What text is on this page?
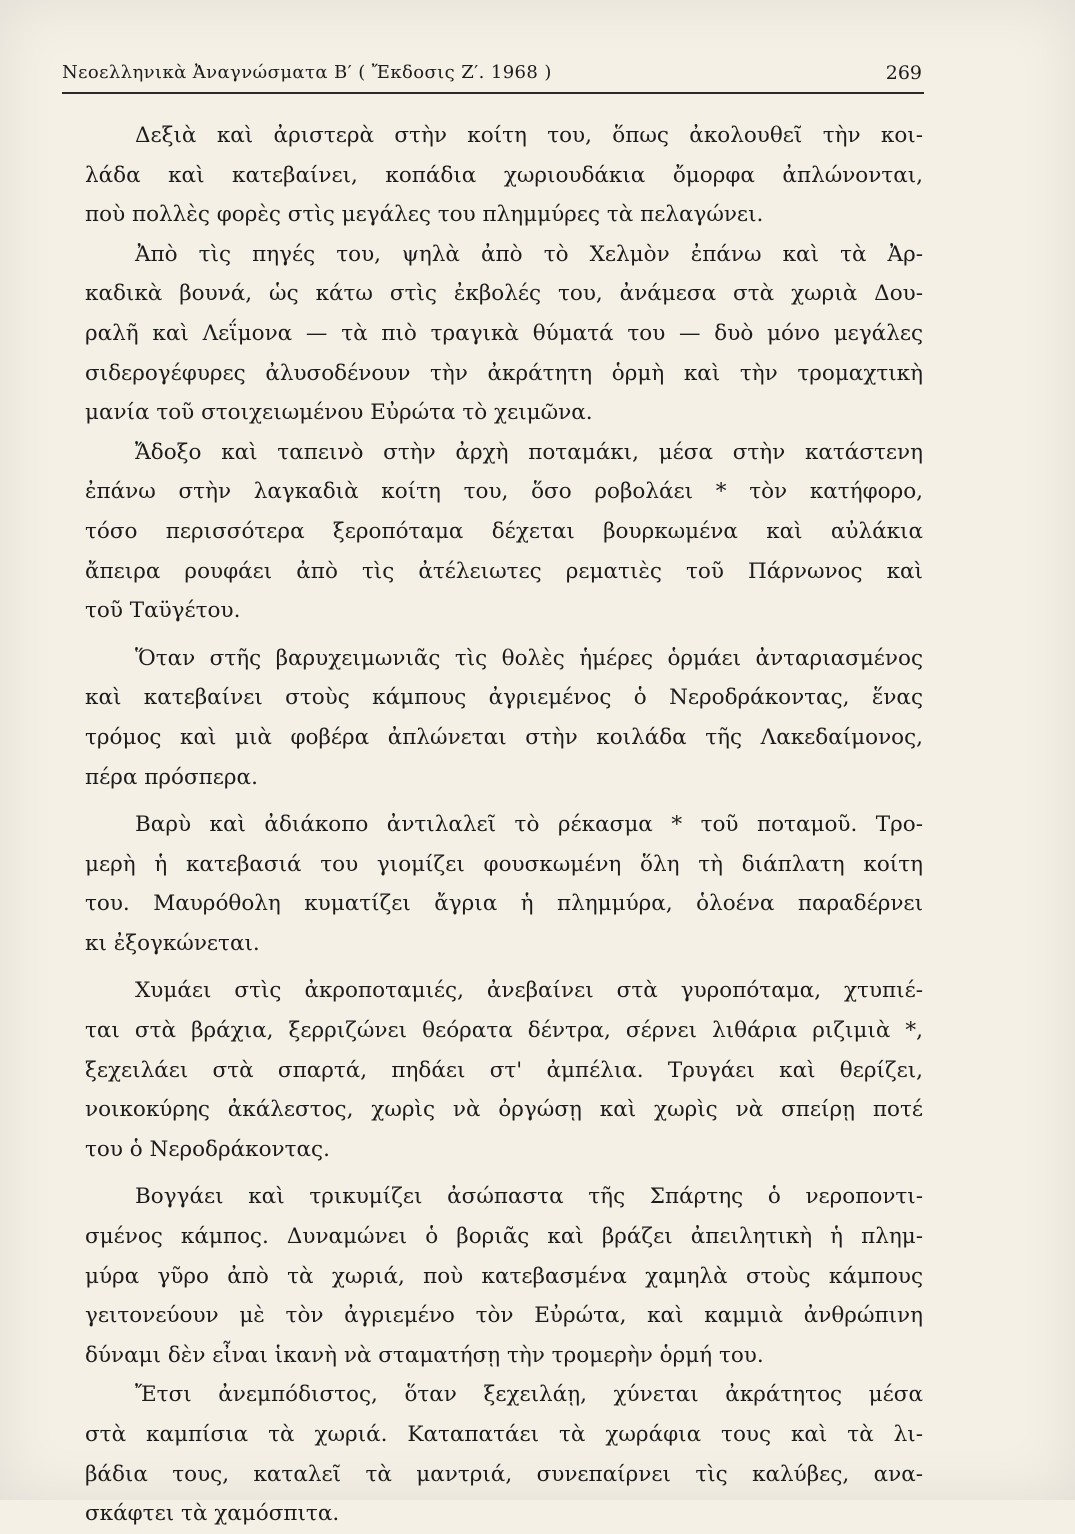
Νεοελληνικὰ Ἀναγνώσματα Β′ ( Ἔκδοσις Ζ′. 1968 )	269
Δεξιὰ καὶ ἀριστερὰ στὴν κοίτη του, ὅπως ἀκολουθεῖ τὴν κοι-
λάδα καὶ κατεβαίνει, κοπάδια χωριουδάκια ὄμορφα ἀπλώνονται,
ποὺ πολλὲς φορὲς στὶς μεγάλες του πλημμύρες τὰ πελαγώνει.
Ἀπὸ τὶς πηγές του, ψηλὰ ἀπὸ τὸ Χελμὸν ἐπάνω καὶ τὰ Ἀρ-
καδικὰ βουνά, ὡς κάτω στὶς ἐκβολές του, ἀνάμεσα στὰ χωριὰ Δου-
ραλῆ καὶ Λεΐμονα — τὰ πιὸ τραγικὰ θύματά του — δυὸ μόνο μεγάλες
σιδερογέφυρες ἀλυσοδένουν τὴν ἀκράτητη ὁρμὴ καὶ τὴν τρομαχτικὴ
μανία τοῦ στοιχειωμένου Εὐρώτα τὸ χειμῶνα.
Ἄδοξο καὶ ταπεινὸ στὴν ἀρχὴ ποταμάκι, μέσα στὴν κατάστενη
ἐπάνω στὴν λαγκαδιὰ κοίτη του, ὅσο ροβολάει * τὸν κατήφορο,
τόσο περισσότερα ξεροπόταμα δέχεται βουρκωμένα καὶ αὐλάκια
ἄπειρα ρουφάει ἀπὸ τὶς ἀτέλειωτες ρεματιὲς τοῦ Πάρνωνος καὶ
τοῦ Ταϋγέτου.
Ὅταν στῆς βαρυχειμωνιᾶς τὶς θολὲς ἡμέρες ὁρμάει ἀνταριασμένος
καὶ κατεβαίνει στοὺς κάμπους ἀγριεμένος ὁ Νεροδράκοντας, ἕνας
τρόμος καὶ μιὰ φοβέρα ἀπλώνεται στὴν κοιλάδα τῆς Λακεδαίμονος,
πέρα πρόσπερα.
Βαρὺ καὶ ἀδιάκοπο ἀντιλαλεῖ τὸ ρέκασμα * τοῦ ποταμοῦ. Τρο-
μερὴ ἡ κατεβασιά του γιομίζει φουσκωμένη ὅλη τὴ διάπλατη κοίτη
του. Μαυρόθολη κυματίζει ἄγρια ἡ πλημμύρα, ὁλοένα παραδέρνει
κι ἐξογκώνεται.
Χυμάει στὶς ἀκροποταμιές, ἀνεβαίνει στὰ γυροπόταμα, χτυπιέ-
ται στὰ βράχια, ξερριζώνει θεόρατα δέντρα, σέρνει λιθάρια ριζιμιὰ *,
ξεχειλάει στὰ σπαρτά, πηδάει στ' ἀμπέλια. Τρυγάει καὶ θερίζει,
νοικοκύρης ἀκάλεστος, χωρὶς νὰ ὀργώσῃ καὶ χωρὶς νὰ σπείρῃ ποτέ
του ὁ Νεροδράκοντας.
Βογγάει καὶ τρικυμίζει ἀσώπαστα τῆς Σπάρτης ὁ νεροποντι-
σμένος κάμπος. Δυναμώνει ὁ βοριᾶς καὶ βράζει ἀπειλητικὴ ἡ πλημ-
μύρα γῦρο ἀπὸ τὰ χωριά, ποὺ κατεβασμένα χαμηλὰ στοὺς κάμπους
γειτονεύουν μὲ τὸν ἀγριεμένο τὸν Εὐρώτα, καὶ καμμιὰ ἀνθρώπινη
δύναμι δὲν εἶναι ἱκανὴ νὰ σταματήσῃ τὴν τρομερὴν ὁρμή του.
Ἔτσι ἀνεμπόδιστος, ὅταν ξεχειλάῃ, χύνεται ἀκράτητος μέσα
στὰ καμπίσια τὰ χωριά. Καταπατάει τὰ χωράφια τους καὶ τὰ λι-
βάδια τους, καταλεῖ τὰ μαντριά, συνεπαίρνει τὶς καλύβες, ανα-
σκάφτει τὰ χαμόσπιτα.
